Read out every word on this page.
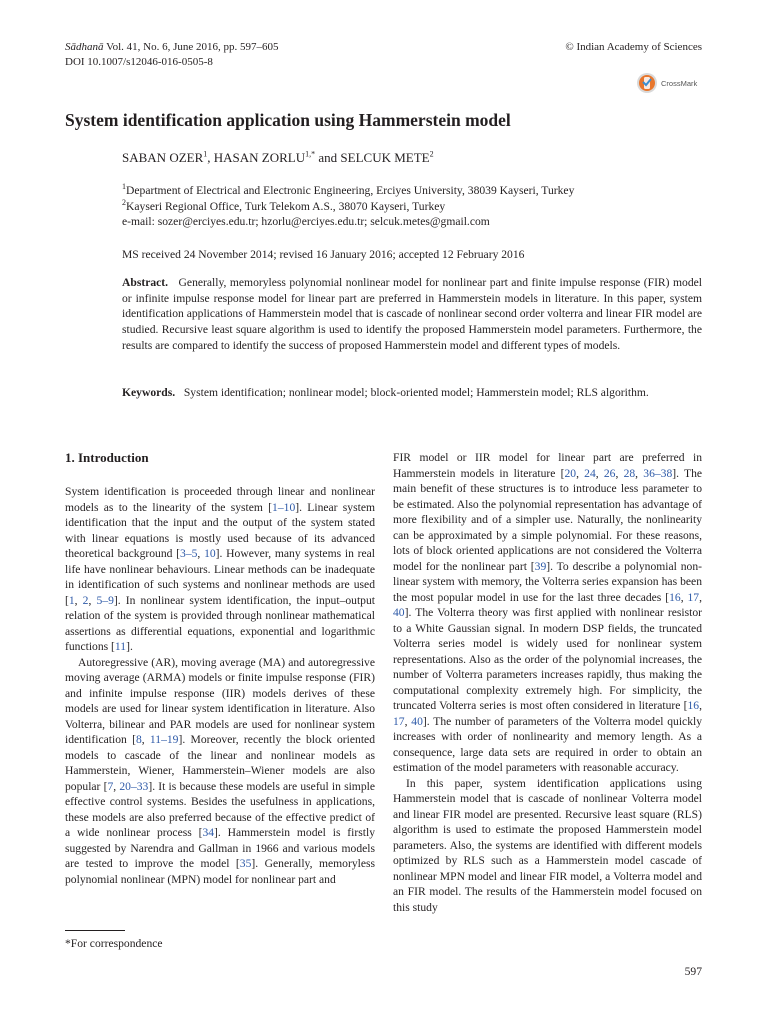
Sādhanā Vol. 41, No. 6, June 2016, pp. 597–605
DOI 10.1007/s12046-016-0505-8
© Indian Academy of Sciences
CrossMark
System identification application using Hammerstein model
SABAN OZER$^1$, HASAN $ZORLU^{1,*}$ and SELCUK METE$^2$
$^1$Department of Electrical and Electronic Engineering, Erciyes University, 38039 Kayseri, Turkey
$^2$Kayseri Regional Office, Turk Telekom A.S., 38070 Kayseri, Turkey
e-mail: sozer@erciyes.edu.tr; hzorlu@erciyes.edu.tr; selcuk.metes@gmail.com
MS received 24 November 2014; revised 16 January 2016; accepted 12 February 2016
Abstract. Generally, memoryless polynomial nonlinear model for nonlinear part and finite impulse response (FIR) model or infinite impulse response model for linear part are preferred in Hammerstein models in literature. In this paper, system identification applications of Hammerstein model that is cascade of nonlinear second order volterra and linear FIR model are studied. Recursive least square algorithm is used to identify the proposed Hammerstein model parameters. Furthermore, the results are compared to identify the success of proposed Hammerstein model and different types of models.
Keywords. System identification; nonlinear model; block-oriented model; Hammerstein model; RLS algorithm.
1. Introduction

System identification is proceeded through linear and nonlinear models as to the linearity of the system [1–10]. Linear system identification that the input and the output of the system stated with linear equations is mostly used because of its advanced theoretical background [3–5, 10]. However, many systems in real life have nonlinear behaviours. Linear methods can be inadequate in identification of such systems and nonlinear methods are used [1, 2, 5–9]. In nonlinear system identification, the input–output relation of the system is provided through nonlinear mathematical assertions as differential equations, exponential and logarithmic functions [11].

Autoregressive (AR), moving average (MA) and autoregressive moving average (ARMA) models or finite impulse response (FIR) and infinite impulse response (IIR) models derives of these models are used for linear system identification in literature. Also Volterra, bilinear and PAR models are used for nonlinear system identification [8, 11–19]. Moreover, recently the block oriented models to cascade of the linear and nonlinear models as Hammerstein, Wiener, Hammerstein–Wiener models are also popular [7, 20–33]. It is because these models are useful in simple effective control systems. Besides the usefulness in applications, these models are also preferred because of the effective predict of a wide nonlinear process [34]. Hammerstein model is firstly suggested by Narendra and Gallman in 1966 and various models are tested to improve the model [35]. Generally, memoryless polynomial nonlinear (MPN) model for nonlinear part and

*For correspondence

FIR model or IIR model for linear part are preferred in Hammerstein models in literature [20, 24, 26, 28, 36–38]. The main benefit of these structures is to introduce less parameter to be estimated. Also the polynomial representation has advantage of more flexibility and of a simpler use. Naturally, the nonlinearity can be approximated by a simple polynomial. For these reasons, lots of block oriented applications are not considered the Volterra model for the nonlinear part [39]. To describe a polynomial non-linear system with memory, the Volterra series expansion has been the most popular model in use for the last three decades [16, 17, 40]. The Volterra theory was first applied with nonlinear resistor to a White Gaussian signal. In modern DSP fields, the truncated Volterra series model is widely used for nonlinear system representations. Also as the order of the polynomial increases, the number of Volterra parameters increases rapidly, thus making the computational complexity extremely high. For simplicity, the truncated Volterra series is most often considered in literature [16, 17, 40]. The number of parameters of the Volterra model quickly increases with order of nonlinearity and memory length. As a consequence, large data sets are required in order to obtain an estimation of the model parameters with reasonable accuracy.

In this paper, system identification applications using Hammerstein model that is cascade of nonlinear Volterra model and linear FIR model are presented. Recursive least square (RLS) algorithm is used to estimate the proposed Hammerstein model parameters. Also, the systems are identified with different models optimized by RLS such as a Hammerstein model cascade of nonlinear MPN model and linear FIR model, a Volterra model and an FIR model. The results of the Hammerstein model focused on this study

597
